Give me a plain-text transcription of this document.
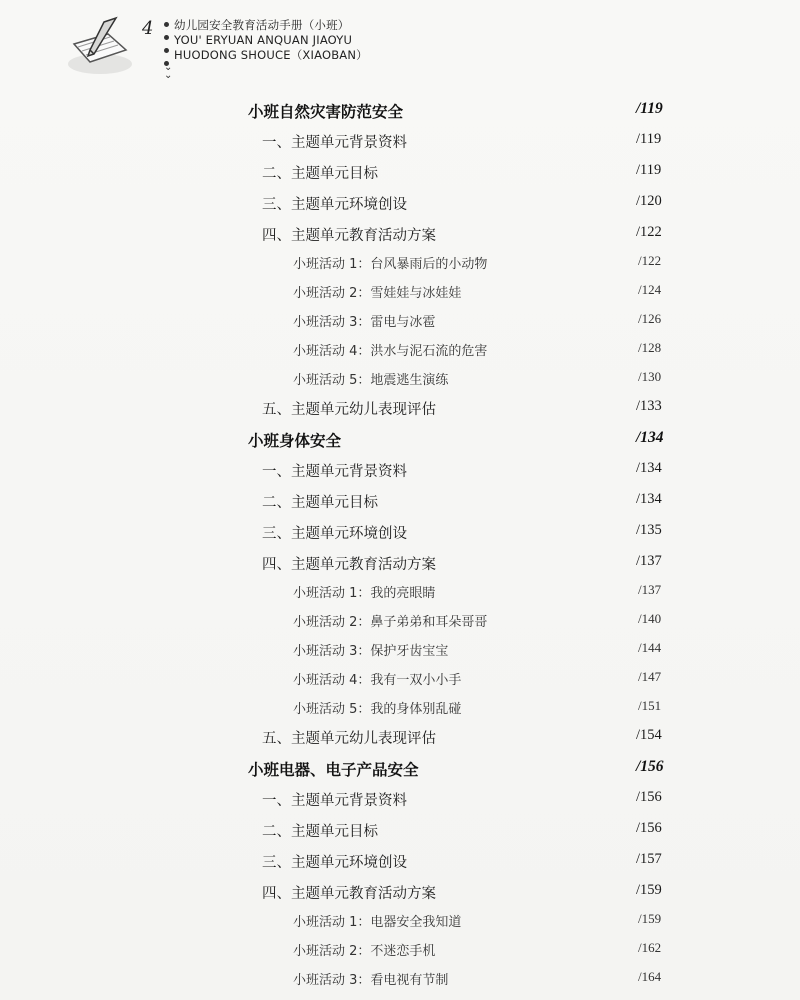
4
⌄
⌄
幼儿园安全教育活动手册（小班）
YOU' ERYUAN ANQUAN JIAOYU
HUODONG SHOUCE（XIAOBAN）
小班自然灾害防范安全	/119
一、主题单元背景资料	/119
二、主题单元目标	/119
三、主题单元环境创设	/120
四、主题单元教育活动方案	/122
小班活动 1：台风暴雨后的小动物	/122
小班活动 2：雪娃娃与冰娃娃	/124
小班活动 3：雷电与冰雹	/126
小班活动 4：洪水与泥石流的危害	/128
小班活动 5：地震逃生演练	/130
五、主题单元幼儿表现评估	/133
小班身体安全	/134
一、主题单元背景资料	/134
二、主题单元目标	/134
三、主题单元环境创设	/135
四、主题单元教育活动方案	/137
小班活动 1：我的亮眼睛	/137
小班活动 2：鼻子弟弟和耳朵哥哥	/140
小班活动 3：保护牙齿宝宝	/144
小班活动 4：我有一双小小手	/147
小班活动 5：我的身体别乱碰	/151
五、主题单元幼儿表现评估	/154
小班电器、电子产品安全	/156
一、主题单元背景资料	/156
二、主题单元目标	/156
三、主题单元环境创设	/157
四、主题单元教育活动方案	/159
小班活动 1：电器安全我知道	/159
小班活动 2：不迷恋手机	/162
小班活动 3：看电视有节制	/164
